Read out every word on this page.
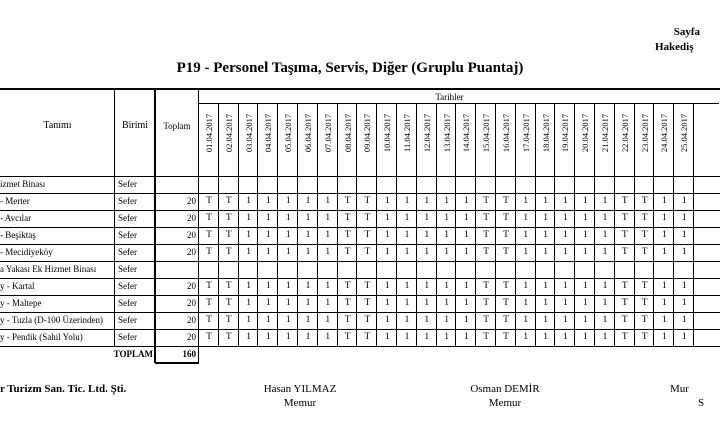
Sayfa
Hakediş
P19 - Personel Taşıma, Servis, Diğer (Gruplu Puantaj)
Tanımı	Birimi	Toplam
Tarihler
01.04.2017 02.04.2017 03.04.2017 04.04.2017 05.04.2017 06.04.2017 07.04.2017 08.04.2017 09.04.2017 10.04.2017 11.04.2017 12.04.2017 13.04.2017 14.04.2017 15.04.2017 16.04.2017 17.04.2017 18.04.2017 19.04.2017 20.04.2017 21.04.2017 22.04.2017 23.04.2017 24.04.2017 25.04.2017
izmet Binası	Sefer
- Merter	Sefer	20	T	T	1	1	1	1	1	T	T	1	1	1	1	1	T	T	1	1	1	1	1	T	T	1	1
- Avcılar	Sefer	20	T	T	1	1	1	1	1	T	T	1	1	1	1	1	T	T	1	1	1	1	1	T	T	1	1
- Beşiktaş	Sefer	20	T	T	1	1	1	1	1	T	T	1	1	1	1	1	T	T	1	1	1	1	1	T	T	1	1
- Mecidiyeköy	Sefer	20	T	T	1	1	1	1	1	T	T	1	1	1	1	1	T	T	1	1	1	1	1	T	T	1	1
a Yakası Ek Hizmet Binası	Sefer
y - Kartal	Sefer	20	T	T	1	1	1	1	1	T	T	1	1	1	1	1	T	T	1	1	1	1	1	T	T	1	1
y - Maltepe	Sefer	20	T	T	1	1	1	1	1	T	T	1	1	1	1	1	T	T	1	1	1	1	1	T	T	1	1
y - Tuzla (D-100 Üzerinden)	Sefer	20	T	T	1	1	1	1	1	T	T	1	1	1	1	1	T	T	1	1	1	1	1	T	T	1	1
y - Pendik (Sahil Yolu)	Sefer	20	T	T	1	1	1	1	1	T	T	1	1	1	1	1	T	T	1	1	1	1	1	T	T	1	1
TOPLAM	160
r Turizm San. Tic. Ltd. Şti.	Hasan YILMAZ
Memur
Osman DEMİR
Memur
Mur
S
